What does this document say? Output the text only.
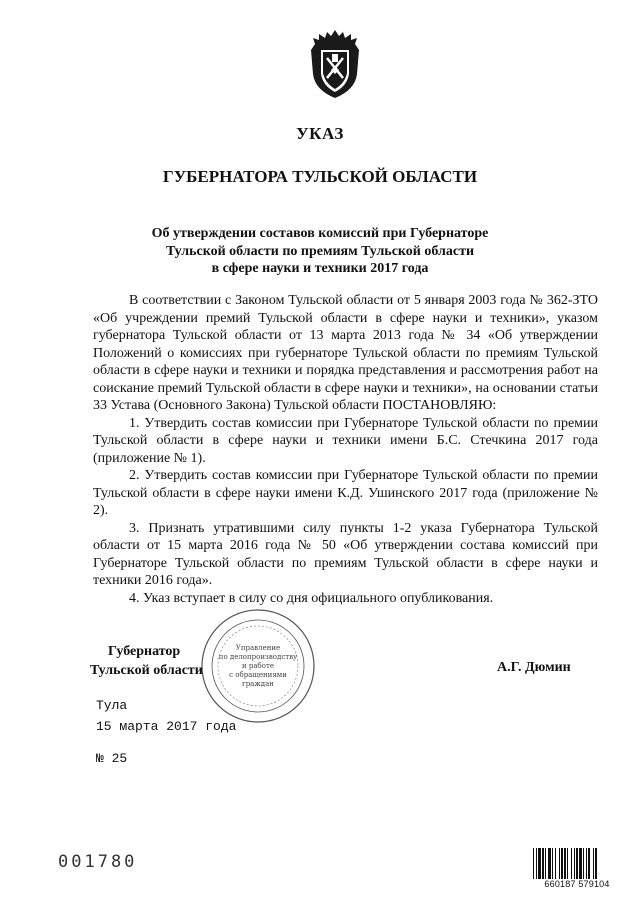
УКАЗ
ГУБЕРНАТОРА ТУЛЬСКОЙ ОБЛАСТИ
Об утверждении составов комиссий при Губернаторе
Тульской области по премиям Тульской области
в сфере науки и техники 2017 года

В соответствии с Законом Тульской области от 5 января 2003 года № 362-ЗТО «Об учреждении премий Тульской области в сфере науки и техники», указом губернатора Тульской области от 13 марта 2013 года № 34 «Об утверждении Положений о комиссиях при губернаторе Тульской области по премиям Тульской области в сфере науки и техники и порядка представления и рассмотрения работ на соискание премий Тульской области в сфере науки и техники», на основании статьи 33 Устава (Основного Закона) Тульской области ПОСТАНОВЛЯЮ:

1. Утвердить состав комиссии при Губернаторе Тульской области по премии Тульской области в сфере науки и техники имени Б.С. Стечкина 2017 года (приложение № 1).

2. Утвердить состав комиссии при Губернаторе Тульской области по премии Тульской области в сфере науки имени К.Д. Ушинского 2017 года (приложение № 2).

3. Признать утратившими силу пункты 1-2 указа Губернатора Тульской области от 15 марта 2016 года № 50 «Об утверждении состава комиссий при Губернаторе Тульской области по премиям Тульской области в сфере науки и техники 2016 года».

4. Указ вступает в силу со дня официального опубликования.

Управление
по делопроизводству
и работе
с обращениями
граждан
Губернатор
Тульской области	А.Г. Дюмин
Тула
15 марта 2017 года
№ 25
001780
660187 579104
